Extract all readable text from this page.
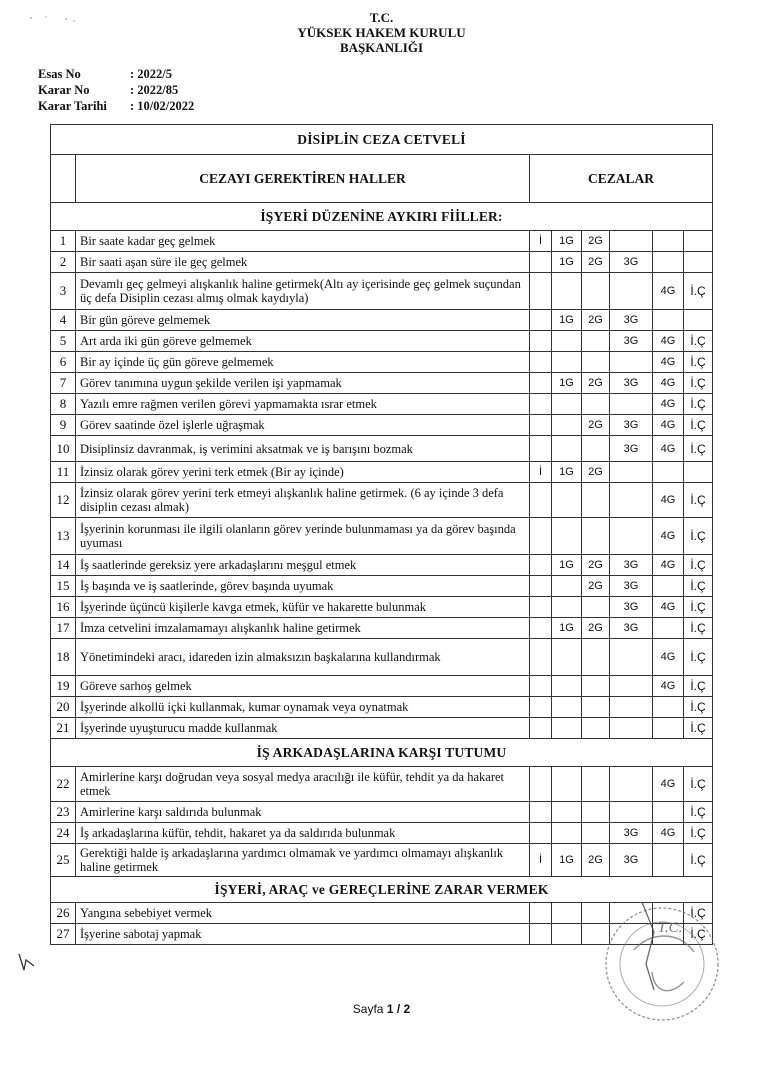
T.C.
YÜKSEK HAKEM KURULU
BAŞKANLIĞI
Esas No	: 2022/5
Karar No	: 2022/85
Karar Tarihi	: 10/02/2022
DİSİPLİN CEZA CETVELİ							
	CEZAYI GEREKTİREN HALLER	CEZALAR					
İŞYERİ DÜZENİNE AYKIRI FİİLLER:							
1	Bir saate kadar geç gelmek	İ	1G	2G			
2	Bir saati aşan süre ile geç gelmek		1G	2G	3G		
3	Devamlı geç gelmeyi alışkanlık haline getirmek(Altı ay içerisinde geç gelmek suçundan üç defa Disiplin cezası almış olmak kaydıyla)					4G	İ.Ç
4	Bir gün göreve gelmemek		1G	2G	3G		
5	Art arda iki gün göreve gelmemek				3G	4G	İ.Ç
6	Bir ay içinde üç gün göreve gelmemek					4G	İ.Ç
7	Görev tanımına uygun şekilde verilen işi yapmamak		1G	2G	3G	4G	İ.Ç
8	Yazılı emre rağmen verilen görevi yapmamakta ısrar etmek					4G	İ.Ç
9	Görev saatinde özel işlerle uğraşmak			2G	3G	4G	İ.Ç
10	Disiplinsiz davranmak, iş verimini aksatmak ve iş barışını bozmak				3G	4G	İ.Ç
11	İzinsiz olarak görev yerini terk etmek (Bir ay içinde)	İ	1G	2G			
12	İzinsiz olarak görev yerini terk etmeyi alışkanlık haline getirmek. (6 ay içinde 3 defa disiplin cezası almak)					4G	İ.Ç
13	İşyerinin korunması ile ilgili olanların görev yerinde bulunmaması ya da görev başında uyuması					4G	İ.Ç
14	İş saatlerinde gereksiz yere arkadaşlarını meşgul etmek		1G	2G	3G	4G	İ.Ç
15	İş başında ve iş saatlerinde, görev başında uyumak			2G	3G		İ.Ç
16	İşyerinde üçüncü kişilerle kavga etmek, küfür ve hakarette bulunmak				3G	4G	İ.Ç
17	İmza cetvelini imzalamamayı alışkanlık haline getirmek		1G	2G	3G		İ.Ç
18	Yönetimindeki aracı, idareden izin almaksızın başkalarına kullandırmak					4G	İ.Ç
19	Göreve sarhoş gelmek					4G	İ.Ç
20	İşyerinde alkollü içki kullanmak, kumar oynamak veya oynatmak						İ.Ç
21	İşyerinde uyuşturucu madde kullanmak						İ.Ç
İŞ ARKADAŞLARINA KARŞI TUTUMU							
22	Amirlerine karşı doğrudan veya sosyal medya aracılığı ile küfür, tehdit ya da hakaret etmek					4G	İ.Ç
23	Amirlerine karşı saldırıda bulunmak						İ.Ç
24	İş arkadaşlarına küfür, tehdit, hakaret ya da saldırıda bulunmak				3G	4G	İ.Ç
25	Gerektiği halde iş arkadaşlarına yardımcı olmamak ve yardımcı olmamayı alışkanlık haline getirmek	İ	1G	2G	3G		İ.Ç
İŞYERİ, ARAÇ ve GEREÇLERİNE ZARAR VERMEK							
26	Yangına sebebiyet vermek						İ.Ç
27	İşyerine sabotaj yapmak						İ.Ç
T.C.
Sayfa 1 / 2
